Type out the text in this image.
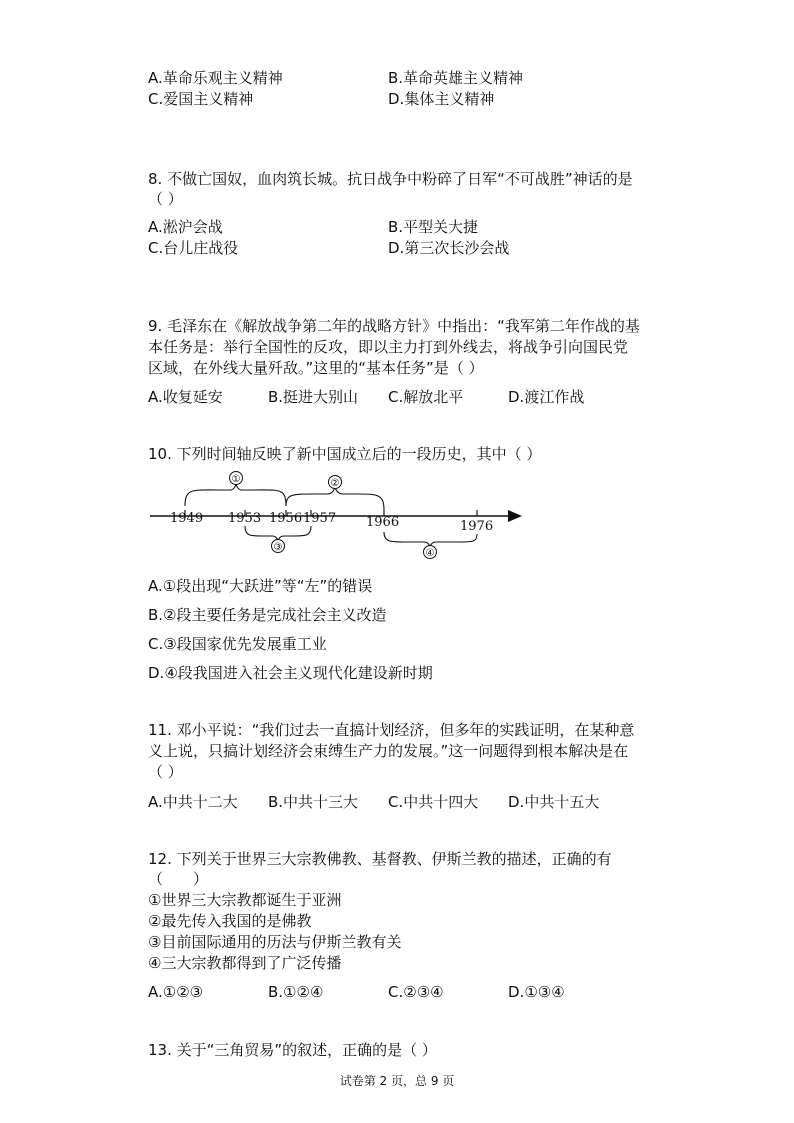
A.革命乐观主义精神	B.革命英雄主义精神
C.爱国主义精神	D.集体主义精神
8. 不做亡国奴，血肉筑长城。抗日战争中粉碎了日军“不可战胜”神话的是
（ ）
A.淞沪会战	B.平型关大捷
C.台儿庄战役	D.第三次长沙会战
9. 毛泽东在《解放战争第二年的战略方针》中指出：“我军第二年作战的基
本任务是：举行全国性的反攻，即以主力打到外线去，将战争引向国民党
区域，在外线大量歼敌。”这里的“基本任务”是（ ）
A.收复延安	B.挺进大别山 C.解放北平	D.渡江作战
10. 下列时间轴反映了新中国成立后的一段历史，其中（ ）
1949 1953 1956 1957 1966	1976
①	②
③
④
A.①段出现“大跃进”等“左”的错误
B.②段主要任务是完成社会主义改造
C.③段国家优先发展重工业
D.④段我国进入社会主义现代化建设新时期
11. 邓小平说：“我们过去一直搞计划经济，但多年的实践证明，在某种意
义上说，只搞计划经济会束缚生产力的发展。”这一问题得到根本解决是在
（ ）
A.中共十二大 B.中共十三大 C.中共十四大 D.中共十五大
12. 下列关于世界三大宗教佛教、基督教、伊斯兰教的描述，正确的有
（　　）
①世界三大宗教都诞生于亚洲
②最先传入我国的是佛教
③目前国际通用的历法与伊斯兰教有关
④三大宗教都得到了广泛传播
A.①②③	B.①②④	C.②③④	D.①③④
13. 关于“三角贸易”的叙述，正确的是（ ）
试卷第 2 页，总 9 页
